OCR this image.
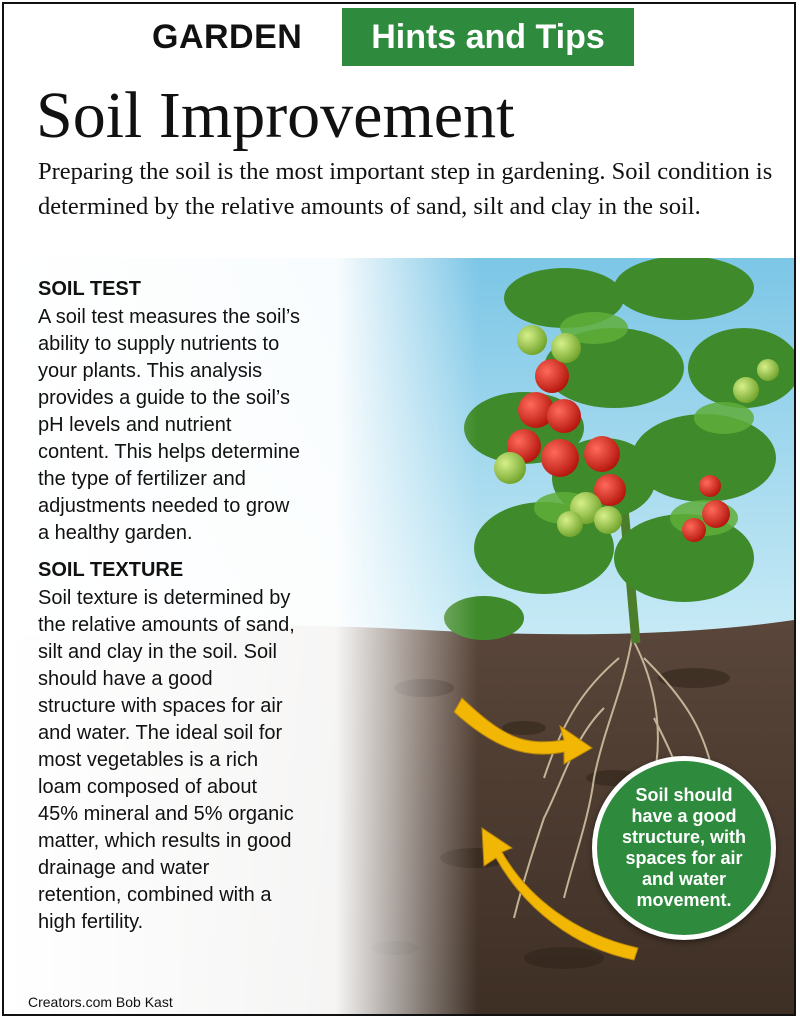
GARDEN	Hints and Tips
Soil Improvement
Preparing the soil is the most important step in gardening. Soil condition is determined by the relative amounts of sand, silt and clay in the soil.
SOIL TEST
A soil test measures the soil’s
ability to supply nutrients to
your plants. This analysis
provides a guide to the soil’s
pH levels and nutrient
content. This helps determine
the type of fertilizer and
adjustments needed to grow
a healthy garden.
SOIL TEXTURE
Soil texture is determined by
the relative amounts of sand,
silt and clay in the soil. Soil
should have a good
structure with spaces for air
and water. The ideal soil for
most vegetables is a rich
loam composed of about
45% mineral and 5% organic
matter, which results in good
drainage and water
retention, combined with a
high fertility.
Soil should
have a good
structure, with
spaces for air
and water
movement.
Creators.com Bob Kast
